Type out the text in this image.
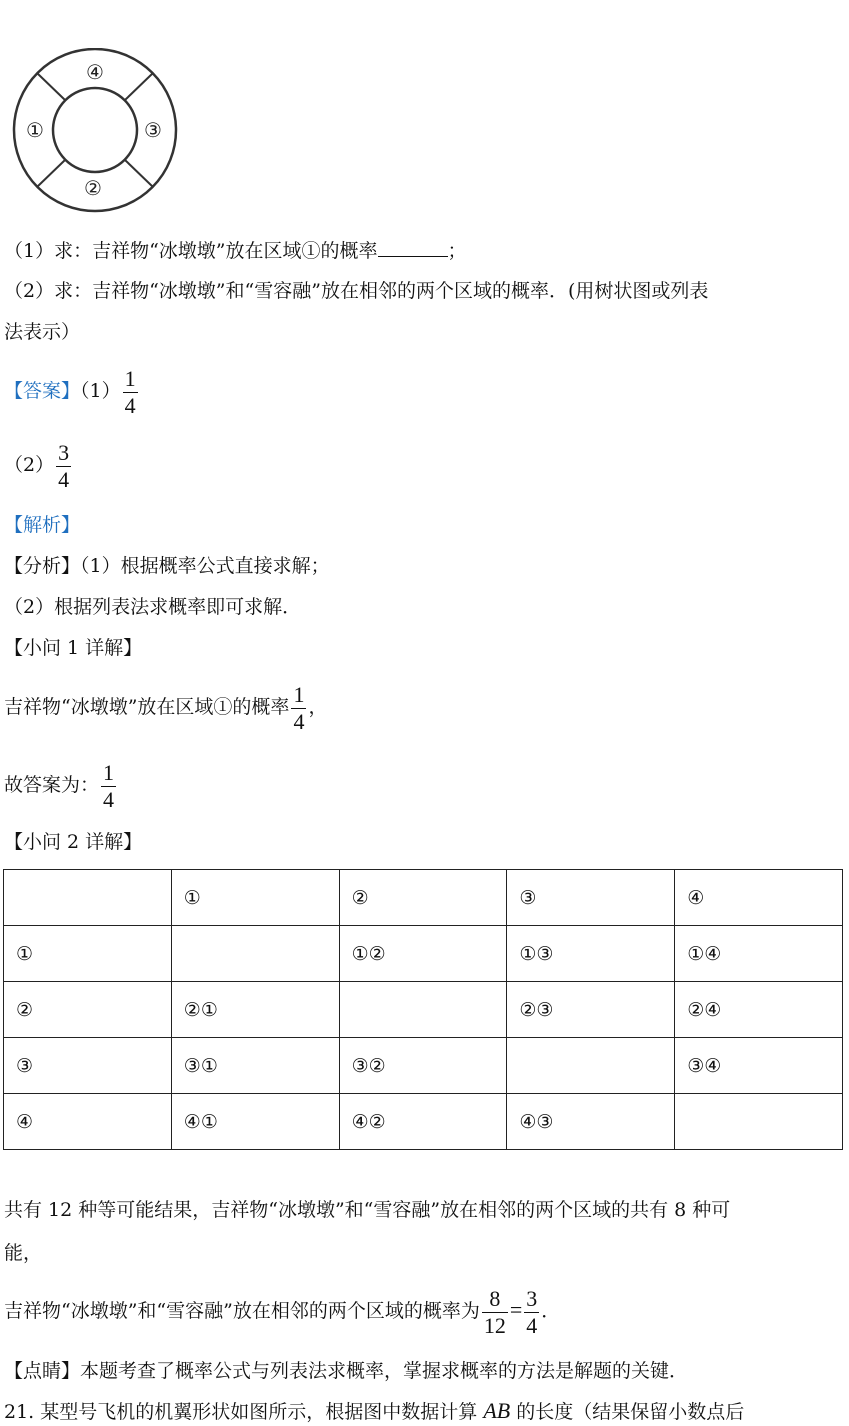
④
①	③
②
（1）求：吉祥物“冰墩墩”放在区域①的概率	；
（2）求：吉祥物“冰墩墩”和“雪容融”放在相邻的两个区域的概率．(用树状图或列表
法表示）
【答案】$(1) \frac{1}{4}$
$(2) \frac{3}{4}$
【解析】
【分析】（1）根据概率公式直接求解；
（2）根据列表法求概率即可求解．
【小问 1 详解】
吉祥物“冰墩墩”放在区域①的概率 $\frac{1}{4}$ ，
故答案为： $\frac{1}{4}$
【小问 2 详解】
	①	②	③	④
①		①②	①③	①④
②	②①		②③	②④
③	③①	③②		③④
④	④①	④②	④③	
共有 12 种等可能结果，吉祥物“冰墩墩”和“雪容融”放在相邻的两个区域的共有 8 种可
能，
吉祥物“冰墩墩”和“雪容融”放在相邻的两个区域的概率为 $\frac{8}{12} = \frac{3}{4}$ ．
【点睛】本题考查了概率公式与列表法求概率，掌握求概率的方法是解题的关键．
21. 某型号飞机的机翼形状如图所示，根据图中数据计算 AB 的长度（结果保留小数点后
